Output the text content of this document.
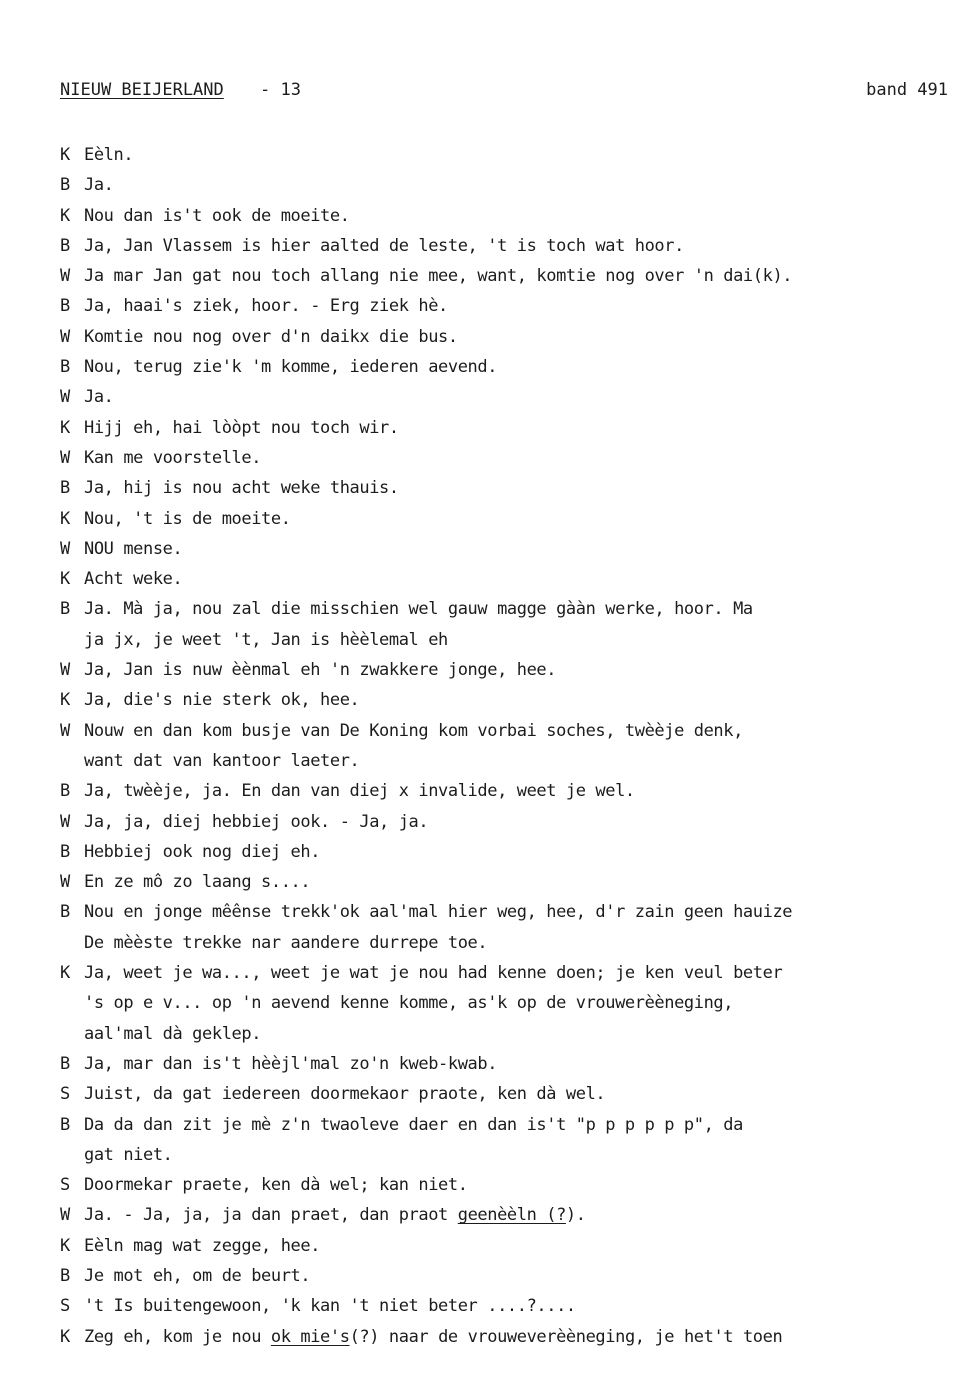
NIEUW BEIJERLAND - 13	band 491
K Eèln.
B Ja.
K Nou dan is't ook de moeite.
B Ja, Jan Vlassem is hier aalted de leste, 't is toch wat hoor.
W Ja mar Jan gat nou toch allang nie mee, want, komtie nog over 'n dai(k).
B Ja, haai's ziek, hoor. - Erg ziek hè.
W Komtie nou nog over d'n daikx die bus.
B Nou, terug zie'k 'm komme, iederen aevend.
W Ja.
K Hijj eh, hai lòòpt nou toch wir.
W Kan me voorstelle.
B Ja, hij is nou acht weke thauis.
K Nou, 't is de moeite.
W NOU mense.
K Acht weke.
B Ja. Mà ja, nou zal die misschien wel gauw magge gààn werke, hoor. Ma
ja jx, je weet 't, Jan is hèèlemal eh
W Ja, Jan is nuw èènmal eh 'n zwakkere jonge, hee.
K Ja, die's nie sterk ok, hee.
W Nouw en dan kom busje van De Koning kom vorbai soches, twèèje denk,
want dat van kantoor laeter.
B Ja, twèèje, ja. En dan van diej x invalide, weet je wel.
W Ja, ja, diej hebbiej ook. - Ja, ja.
B Hebbiej ook nog diej eh.
W En ze mô zo laang s....
B Nou en jonge mêênse trekk'ok aal'mal hier weg, hee, d'r zain geen hauize
De mèèste trekke nar aandere durrepe toe.
K Ja, weet je wa..., weet je wat je nou had kenne doen; je ken veul beter
's op e v... op 'n aevend kenne komme, as'k op de vrouwerèèneging,
aal'mal dà geklep.
B Ja, mar dan is't hèèjl'mal zo'n kweb-kwab.
S Juist, da gat iedereen doormekaor praote, ken dà wel.
B Da da dan zit je mè z'n twaoleve daer en dan is't "p p p p p p", da
gat niet.
S Doormekar praete, ken dà wel; kan niet.
W Ja. - Ja, ja, ja dan praet, dan praot geenèèln (?).
K Eèln mag wat zegge, hee.
B Je mot eh, om de beurt.
S 't Is buitengewoon, 'k kan 't niet beter ....?....
K Zeg eh, kom je nou ok mie's(?) naar de vrouweverèèneging, je het't toen
